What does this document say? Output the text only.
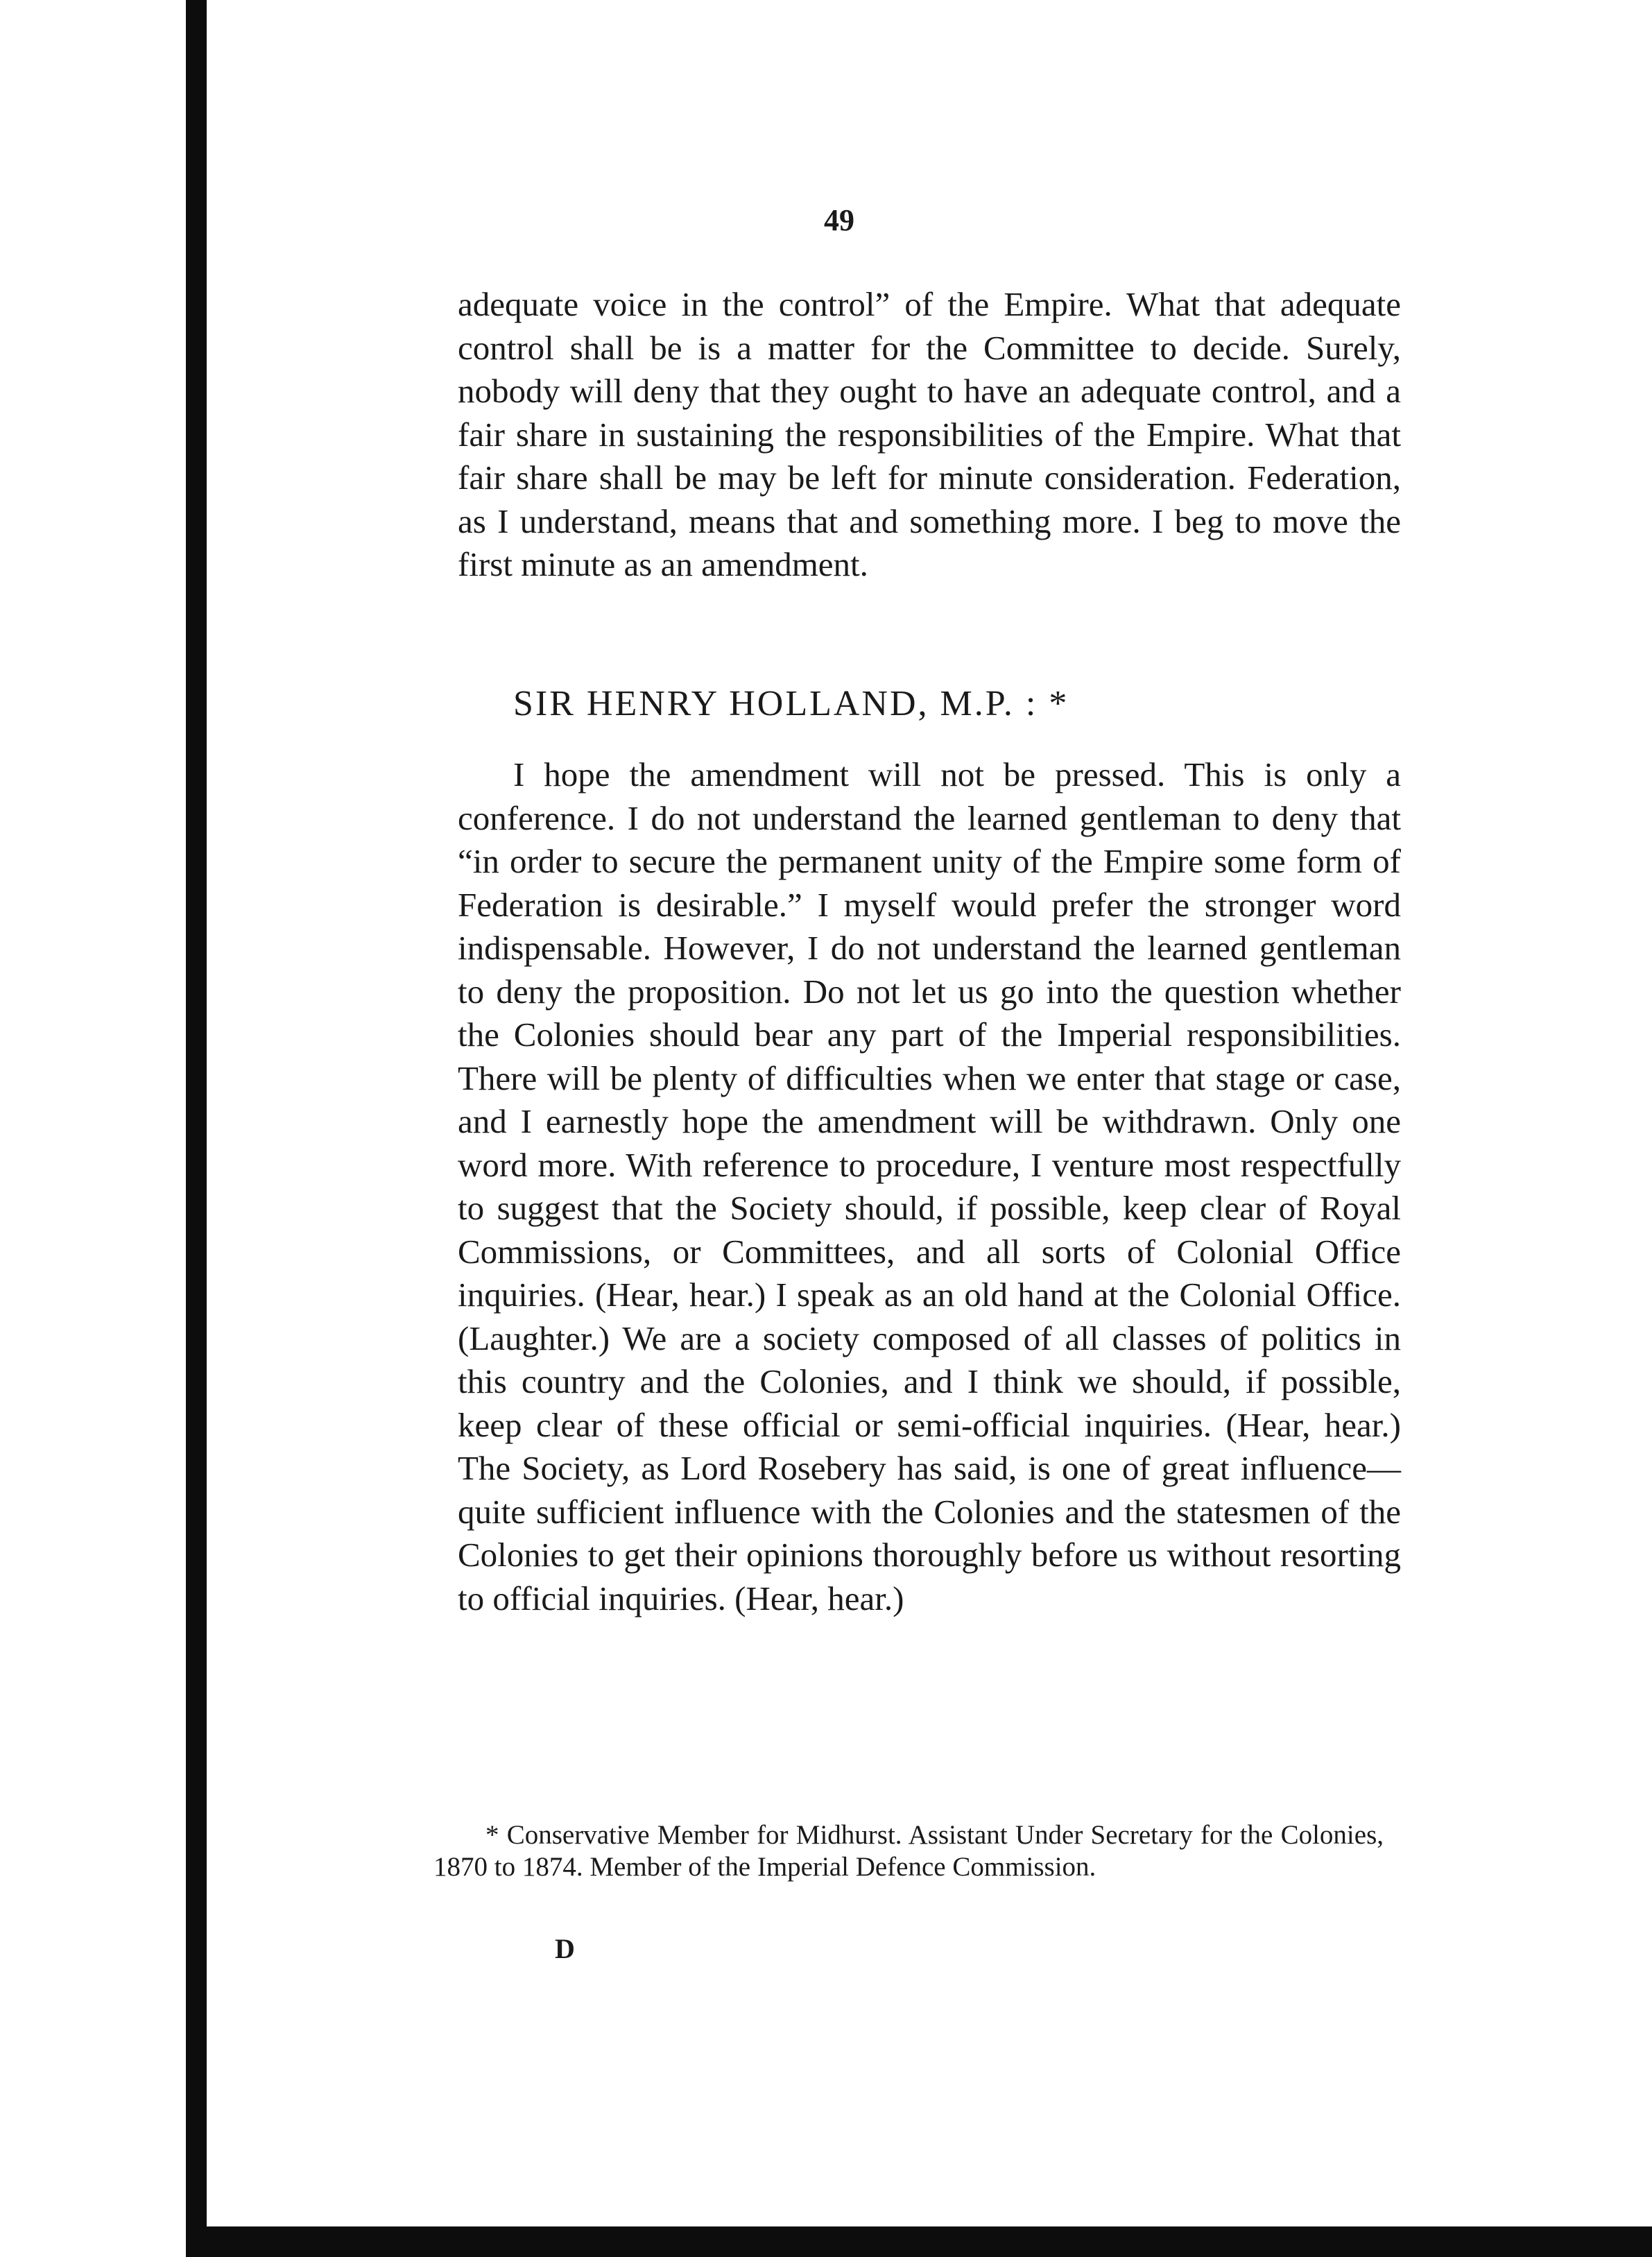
49

adequate voice in the control” of the Empire. What that adequate control shall be is a matter for the Committee to decide. Surely, nobody will deny that they ought to have an adequate control, and a fair share in sustaining the responsibilities of the Empire. What that fair share shall be may be left for minute consideration. Federation, as I understand, means that and something more. I beg to move the first minute as an amendment.

SIR HENRY HOLLAND, M.P. : *

I hope the amendment will not be pressed. This is only a conference. I do not understand the learned gentleman to deny that “in order to secure the permanent unity of the Empire some form of Federation is desirable.” I myself would prefer the stronger word indispensable. However, I do not understand the learned gentleman to deny the proposition. Do not let us go into the question whether the Colonies should bear any part of the Imperial responsibilities. There will be plenty of difficulties when we enter that stage or case, and I earnestly hope the amendment will be withdrawn. Only one word more. With reference to procedure, I venture most respectfully to suggest that the Society should, if possible, keep clear of Royal Commissions, or Committees, and all sorts of Colonial Office inquiries. (Hear, hear.) I speak as an old hand at the Colonial Office. (Laughter.) We are a society composed of all classes of politics in this country and the Colonies, and I think we should, if possible, keep clear of these official or semi-official inquiries. (Hear, hear.) The Society, as Lord Rosebery has said, is one of great influence—quite sufficient influence with the Colonies and the statesmen of the Colonies to get their opinions thoroughly before us without resorting to official inquiries. (Hear, hear.)

* Conservative Member for Midhurst. Assistant Under Secretary for the Colonies, 1870 to 1874. Member of the Imperial Defence Commission.

D
